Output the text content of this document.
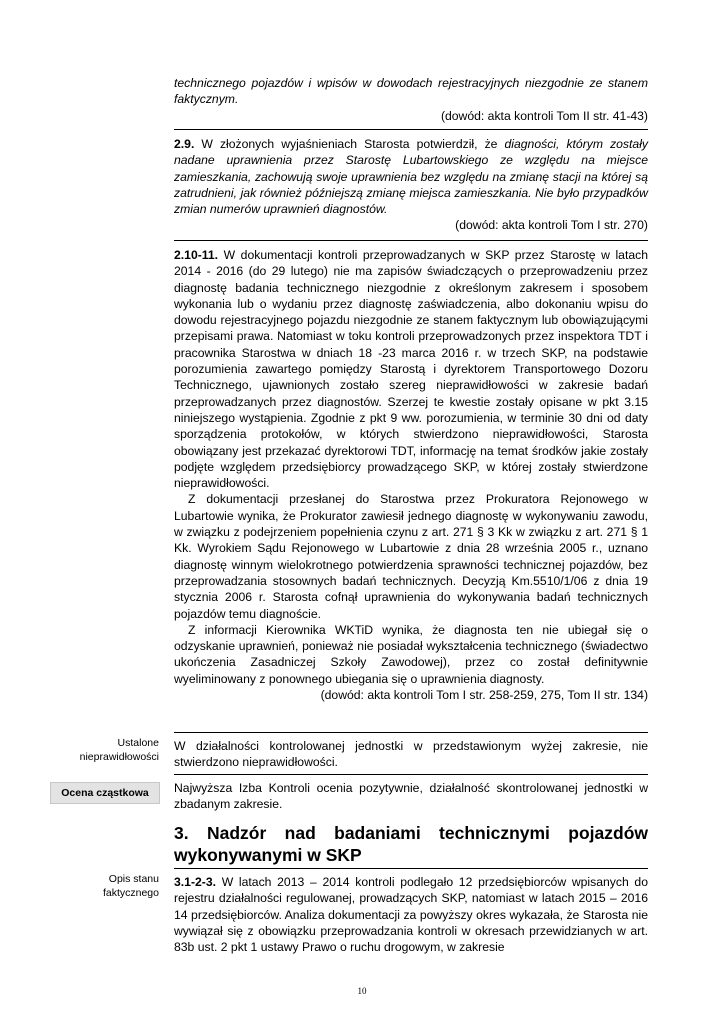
technicznego pojazdów i wpisów w dowodach rejestracyjnych niezgodnie ze stanem faktycznym.

(dowód: akta kontroli Tom II str. 41-43)

2.9. W złożonych wyjaśnieniach Starosta potwierdził, że diagności, którym zostały nadane uprawnienia przez Starostę Lubartowskiego ze względu na miejsce zamieszkania, zachowują swoje uprawnienia bez względu na zmianę stacji na której są zatrudnieni, jak również późniejszą zmianę miejsca zamieszkania. Nie było przypadków zmian numerów uprawnień diagnostów.

(dowód: akta kontroli Tom I str. 270)

2.10-11. W dokumentacji kontroli przeprowadzanych w SKP przez Starostę w latach 2014 - 2016 (do 29 lutego) nie ma zapisów świadczących o przeprowadzeniu przez diagnostę badania technicznego niezgodnie z określonym zakresem i sposobem wykonania lub o wydaniu przez diagnostę zaświadczenia, albo dokonaniu wpisu do dowodu rejestracyjnego pojazdu niezgodnie ze stanem faktycznym lub obowiązującymi przepisami prawa. Natomiast w toku kontroli przeprowadzonych przez inspektora TDT i pracownika Starostwa w dniach 18 -23 marca 2016 r. w trzech SKP, na podstawie porozumienia zawartego pomiędzy Starostą i dyrektorem Transportowego Dozoru Technicznego, ujawnionych zostało szereg nieprawidłowości w zakresie badań przeprowadzanych przez diagnostów. Szerzej te kwestie zostały opisane w pkt 3.15 niniejszego wystąpienia. Zgodnie z pkt 9 ww. porozumienia, w terminie 30 dni od daty sporządzenia protokołów, w których stwierdzono nieprawidłowości, Starosta obowiązany jest przekazać dyrektorowi TDT, informację na temat środków jakie zostały podjęte względem przedsiębiorcy prowadzącego SKP, w której zostały stwierdzone nieprawidłowości.

Z dokumentacji przesłanej do Starostwa przez Prokuratora Rejonowego w Lubartowie wynika, że Prokurator zawiesił jednego diagnostę w wykonywaniu zawodu, w związku z podejrzeniem popełnienia czynu z art. 271 § 3 Kk w związku z art. 271 § 1 Kk. Wyrokiem Sądu Rejonowego w Lubartowie z dnia 28 września 2005 r., uznano diagnostę winnym wielokrotnego potwierdzenia sprawności technicznej pojazdów, bez przeprowadzania stosownych badań technicznych. Decyzją Km.5510/1/06 z dnia 19 stycznia 2006 r. Starosta cofnął uprawnienia do wykonywania badań technicznych pojazdów temu diagnoście.

Z informacji Kierownika WKTiD wynika, że diagnosta ten nie ubiegał się o odzyskanie uprawnień, ponieważ nie posiadał wykształcenia technicznego (świadectwo ukończenia Zasadniczej Szkoły Zawodowej), przez co został definitywnie wyeliminowany z ponownego ubiegania się o uprawnienia diagnosty.

(dowód: akta kontroli Tom I str. 258-259, 275, Tom II str. 134)

Ustalone
nieprawidłowości

W działalności kontrolowanej jednostki w przedstawionym wyżej zakresie, nie stwierdzono nieprawidłowości.

Ocena cząstkowa	Najwyższa Izba Kontroli ocenia pozytywnie, działalność skontrolowanej jednostki w zbadanym zakresie.

3. Nadzór nad badaniami technicznymi pojazdów
wykonywanymi w SKP
Opis stanu
faktycznego

3.1-2-3. W latach 2013 – 2014 kontroli podlegało 12 przedsiębiorców wpisanych do rejestru działalności regulowanej, prowadzących SKP, natomiast w latach 2015 – 2016 14 przedsiębiorców. Analiza dokumentacji za powyższy okres wykazała, że Starosta nie wywiązał się z obowiązku przeprowadzania kontroli w okresach przewidzianych w art. 83b ust. 2 pkt 1 ustawy Prawo o ruchu drogowym, w zakresie

10
